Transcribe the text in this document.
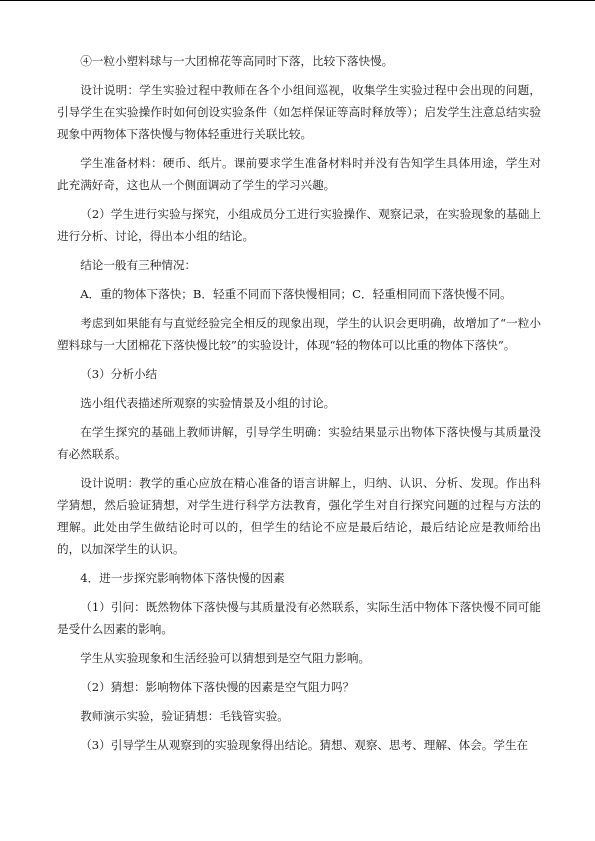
④一粒小塑料球与一大团棉花等高同时下落，比较下落快慢。

设计说明：学生实验过程中教师在各个小组间巡视，收集学生实验过程中会出现的问题，引导学生在实验操作时如何创设实验条件（如怎样保证等高时释放等）；启发学生注意总结实验现象中两物体下落快慢与物体轻重进行关联比较。

学生准备材料：硬币、纸片。课前要求学生准备材料时并没有告知学生具体用途，学生对此充满好奇，这也从一个侧面调动了学生的学习兴趣。

（2）学生进行实验与探究，小组成员分工进行实验操作、观察记录，在实验现象的基础上进行分析、讨论，得出本小组的结论。

结论一般有三种情况：

A．重的物体下落快；B．轻重不同而下落快慢相同；C．轻重相同而下落快慢不同。

考虑到如果能有与直觉经验完全相反的现象出现，学生的认识会更明确，故增加了“一粒小塑料球与一大团棉花下落快慢比较”的实验设计，体现“轻的物体可以比重的物体下落快”。

（3）分析小结

选小组代表描述所观察的实验情景及小组的讨论。

在学生探究的基础上教师讲解，引导学生明确：实验结果显示出物体下落快慢与其质量没有必然联系。

设计说明：教学的重心应放在精心准备的语言讲解上，归纳、认识、分析、发现。作出科学猜想，然后验证猜想，对学生进行科学方法教育，强化学生对自行探究问题的过程与方法的理解。此处由学生做结论时可以的，但学生的结论不应是最后结论，最后结论应是教师给出的，以加深学生的认识。

4．进一步探究影响物体下落快慢的因素

（1）引问：既然物体下落快慢与其质量没有必然联系，实际生活中物体下落快慢不同可能是受什么因素的影响。

学生从实验现象和生活经验可以猜想到是空气阻力影响。

（2）猜想：影响物体下落快慢的因素是空气阻力吗？

教师演示实验，验证猜想：毛钱管实验。

（3）引导学生从观察到的实验现象得出结论。猜想、观察、思考、理解、体会。学生在
